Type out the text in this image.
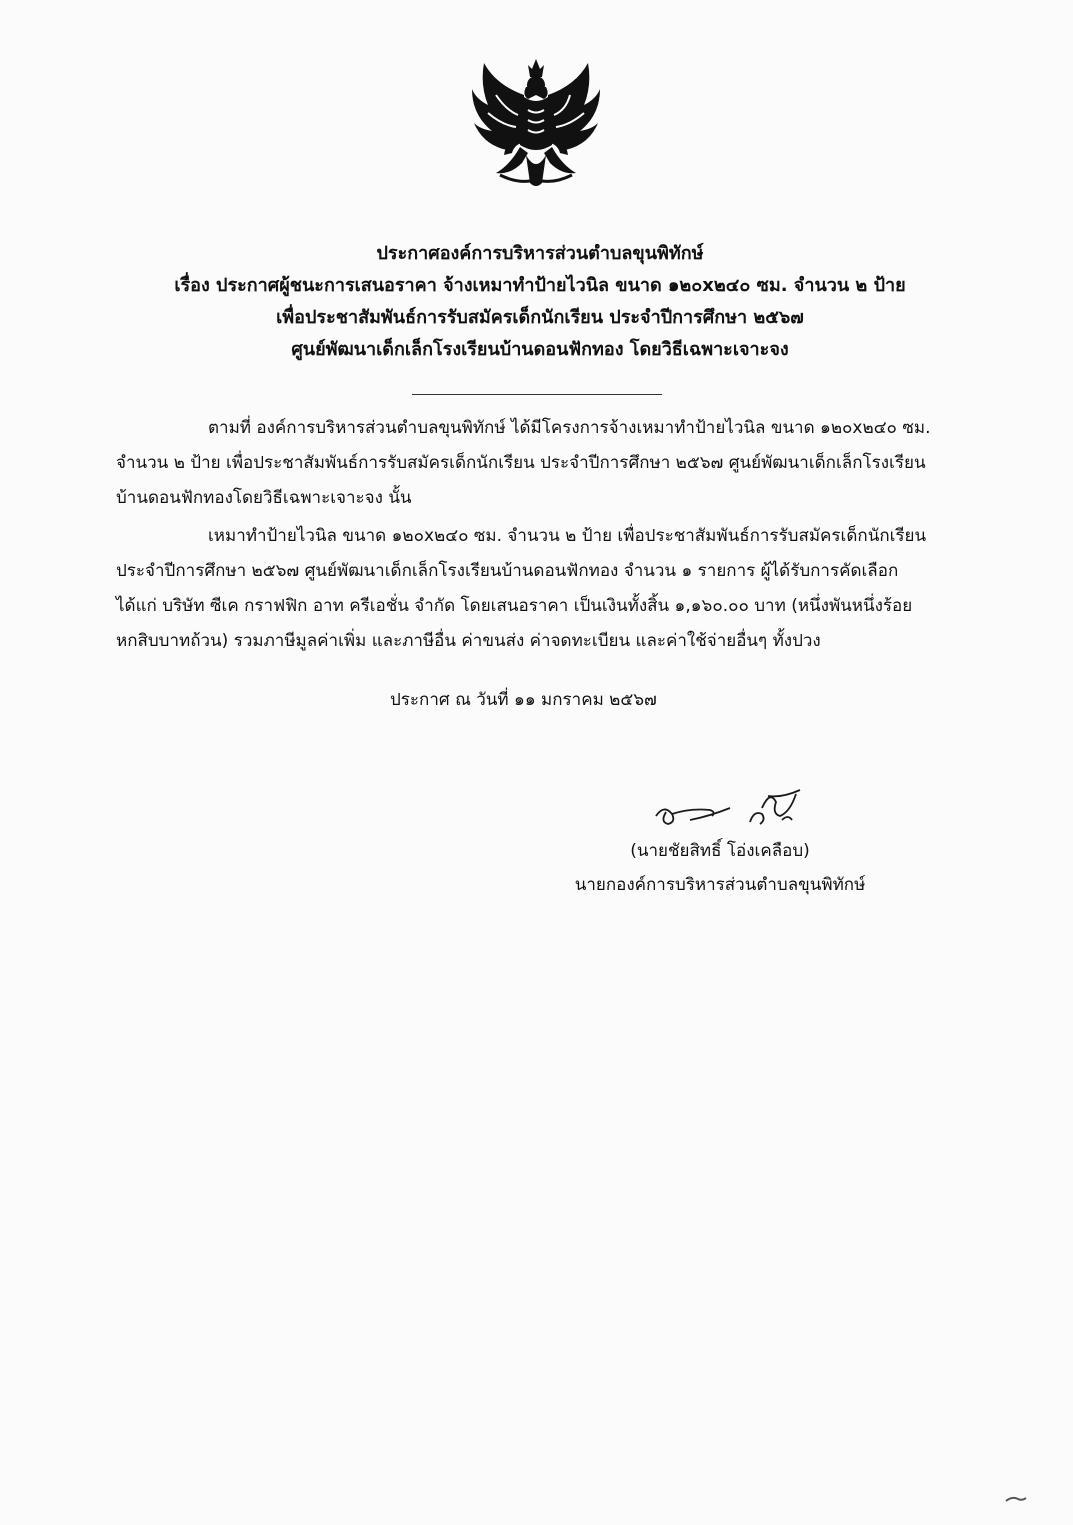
ประกาศองค์การบริหารส่วนตำบลขุนพิทักษ์
เรื่อง ประกาศผู้ชนะการเสนอราคา จ้างเหมาทำป้ายไวนิล ขนาด ๑๒๐x๒๔๐ ซม. จำนวน ๒ ป้าย
เพื่อประชาสัมพันธ์การรับสมัครเด็กนักเรียน ประจำปีการศึกษา ๒๕๖๗
ศูนย์พัฒนาเด็กเล็กโรงเรียนบ้านดอนฟักทอง โดยวิธีเฉพาะเจาะจง
ตามที่ องค์การบริหารส่วนตำบลขุนพิทักษ์ ได้มีโครงการจ้างเหมาทำป้ายไวนิล ขนาด ๑๒๐x๒๔๐ ซม.
จำนวน ๒ ป้าย เพื่อประชาสัมพันธ์การรับสมัครเด็กนักเรียน ประจำปีการศึกษา ๒๕๖๗ ศูนย์พัฒนาเด็กเล็กโรงเรียน
บ้านดอนฟักทองโดยวิธีเฉพาะเจาะจง นั้น
เหมาทำป้ายไวนิล ขนาด ๑๒๐x๒๔๐ ซม. จำนวน ๒ ป้าย เพื่อประชาสัมพันธ์การรับสมัครเด็กนักเรียน
ประจำปีการศึกษา ๒๕๖๗ ศูนย์พัฒนาเด็กเล็กโรงเรียนบ้านดอนฟักทอง จำนวน ๑ รายการ ผู้ได้รับการคัดเลือก
ได้แก่ บริษัท ซีเค กราฟฟิก อาท ครีเอชั่น จำกัด โดยเสนอราคา เป็นเงินทั้งสิ้น ๑,๑๖๐.๐๐ บาท (หนึ่งพันหนึ่งร้อย
หกสิบบาทถ้วน) รวมภาษีมูลค่าเพิ่ม และภาษีอื่น ค่าขนส่ง ค่าจดทะเบียน และค่าใช้จ่ายอื่นๆ ทั้งปวง
ประกาศ ณ วันที่ ๑๑ มกราคม ๒๕๖๗
(นายชัยสิทธิ์ โอ่งเคลือบ)
นายกองค์การบริหารส่วนตำบลขุนพิทักษ์
